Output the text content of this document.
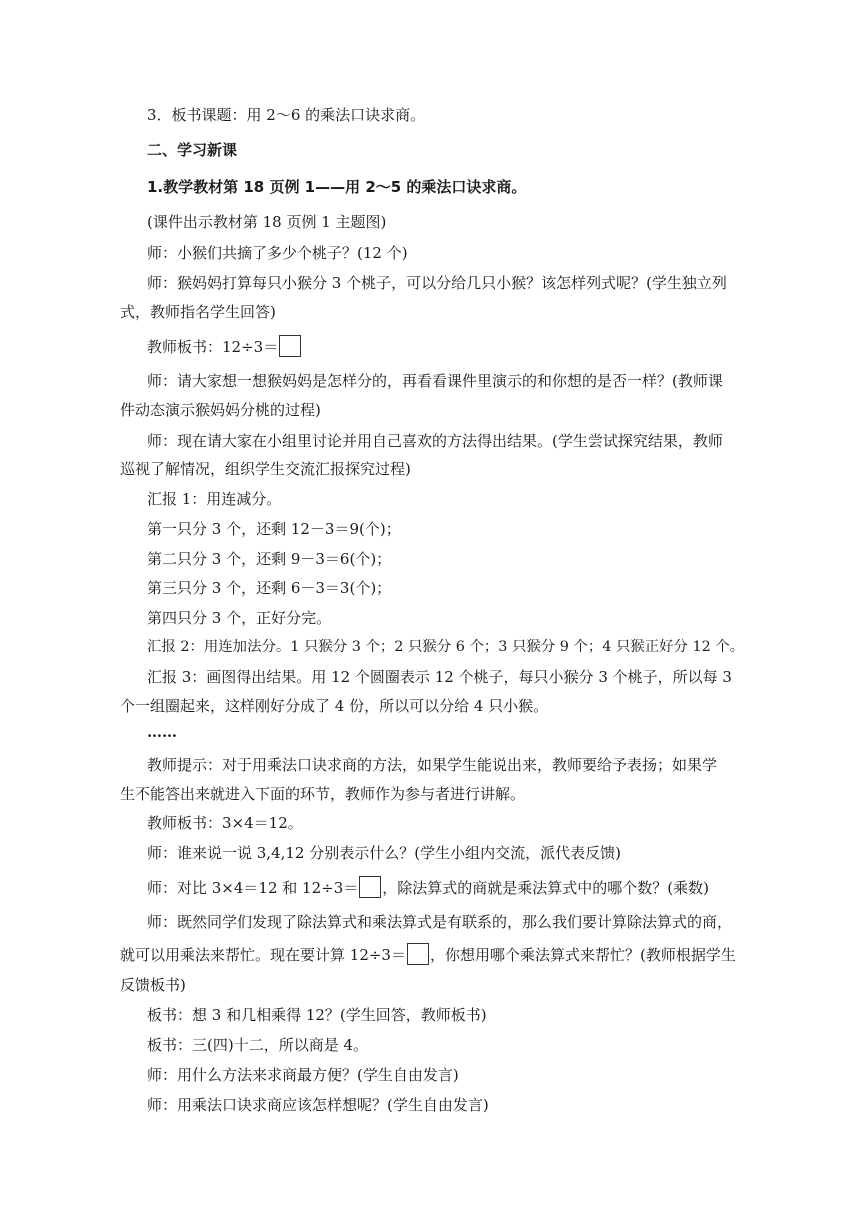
3．板书课题：用 2～6 的乘法口诀求商。
二、学习新课
1.教学教材第 18 页例 1——用 2～5 的乘法口诀求商。
(课件出示教材第 18 页例 1 主题图)
师：小猴们共摘了多少个桃子？(12 个)
师：猴妈妈打算每只小猴分 3 个桃子，可以分给几只小猴？该怎样列式呢？(学生独立列
式，教师指名学生回答)
教师板书：12÷3＝
师：请大家想一想猴妈妈是怎样分的，再看看课件里演示的和你想的是否一样？(教师课
件动态演示猴妈妈分桃的过程)
师：现在请大家在小组里讨论并用自己喜欢的方法得出结果。(学生尝试探究结果，教师
巡视了解情况，组织学生交流汇报探究过程)
汇报 1：用连减分。
第一只分 3 个，还剩 12－3＝9(个)；
第二只分 3 个，还剩 9－3＝6(个)；
第三只分 3 个，还剩 6－3＝3(个)；
第四只分 3 个，正好分完。
汇报 2：用连加法分。1 只猴分 3 个；2 只猴分 6 个；3 只猴分 9 个；4 只猴正好分 12 个。
汇报 3：画图得出结果。用 12 个圆圈表示 12 个桃子，每只小猴分 3 个桃子，所以每 3
个一组圈起来，这样刚好分成了 4 份，所以可以分给 4 只小猴。
……
教师提示：对于用乘法口诀求商的方法，如果学生能说出来，教师要给予表扬；如果学
生不能答出来就进入下面的环节，教师作为参与者进行讲解。
教师板书：3×4＝12。
师：谁来说一说 3,4,12 分别表示什么？(学生小组内交流，派代表反馈)
师：对比 3×4＝12 和 12÷3＝ ，除法算式的商就是乘法算式中的哪个数？(乘数)
师：既然同学们发现了除法算式和乘法算式是有联系的，那么我们要计算除法算式的商，
就可以用乘法来帮忙。现在要计算 12÷3＝ ，你想用哪个乘法算式来帮忙？(教师根据学生
反馈板书)
板书：想 3 和几相乘得 12？(学生回答，教师板书)
板书：三(四)十二，所以商是 4。
师：用什么方法来求商最方便？(学生自由发言)
师：用乘法口诀求商应该怎样想呢？(学生自由发言)
